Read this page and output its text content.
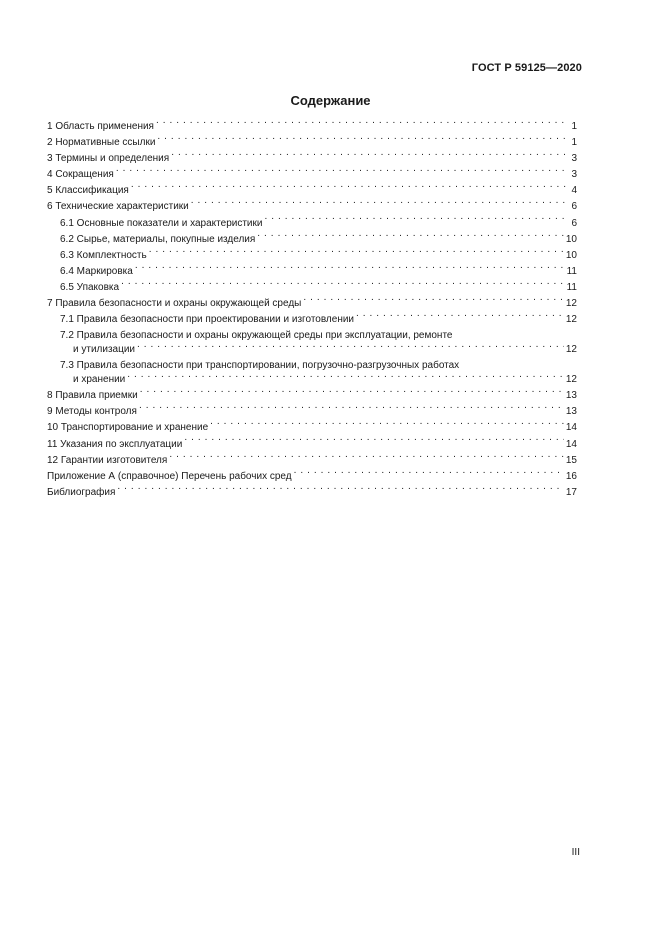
ГОСТ Р 59125—2020
Содержание
1 Область применения . . .	1
2 Нормативные ссылки . . .	1
3 Термины и определения . . .	3
4 Сокращения . . .	3
5 Классификация . . .	4
6 Технические характеристики . . .	6
6.1 Основные показатели и характеристики . . .	6
6.2 Сырье, материалы, покупные изделия . . .	10
6.3 Комплектность . . .	10
6.4 Маркировка . . .	11
6.5 Упаковка . . .	11
7 Правила безопасности и охраны окружающей среды . . .	12
7.1 Правила безопасности при проектировании и изготовлении . . .	12
7.2 Правила безопасности и охраны окружающей среды при эксплуатации, ремонте
и утилизации . . .	12
7.3 Правила безопасности при транспортировании, погрузочно-разгрузочных работах
и хранении . . .	12
8 Правила приемки . . .	13
9 Методы контроля . . .	13
10 Транспортирование и хранение . . .	14
11 Указания по эксплуатации . . .	14
12 Гарантии изготовителя . . .	15
Приложение А (справочное) Перечень рабочих сред . . .	16
Библиография . . .	17
III
